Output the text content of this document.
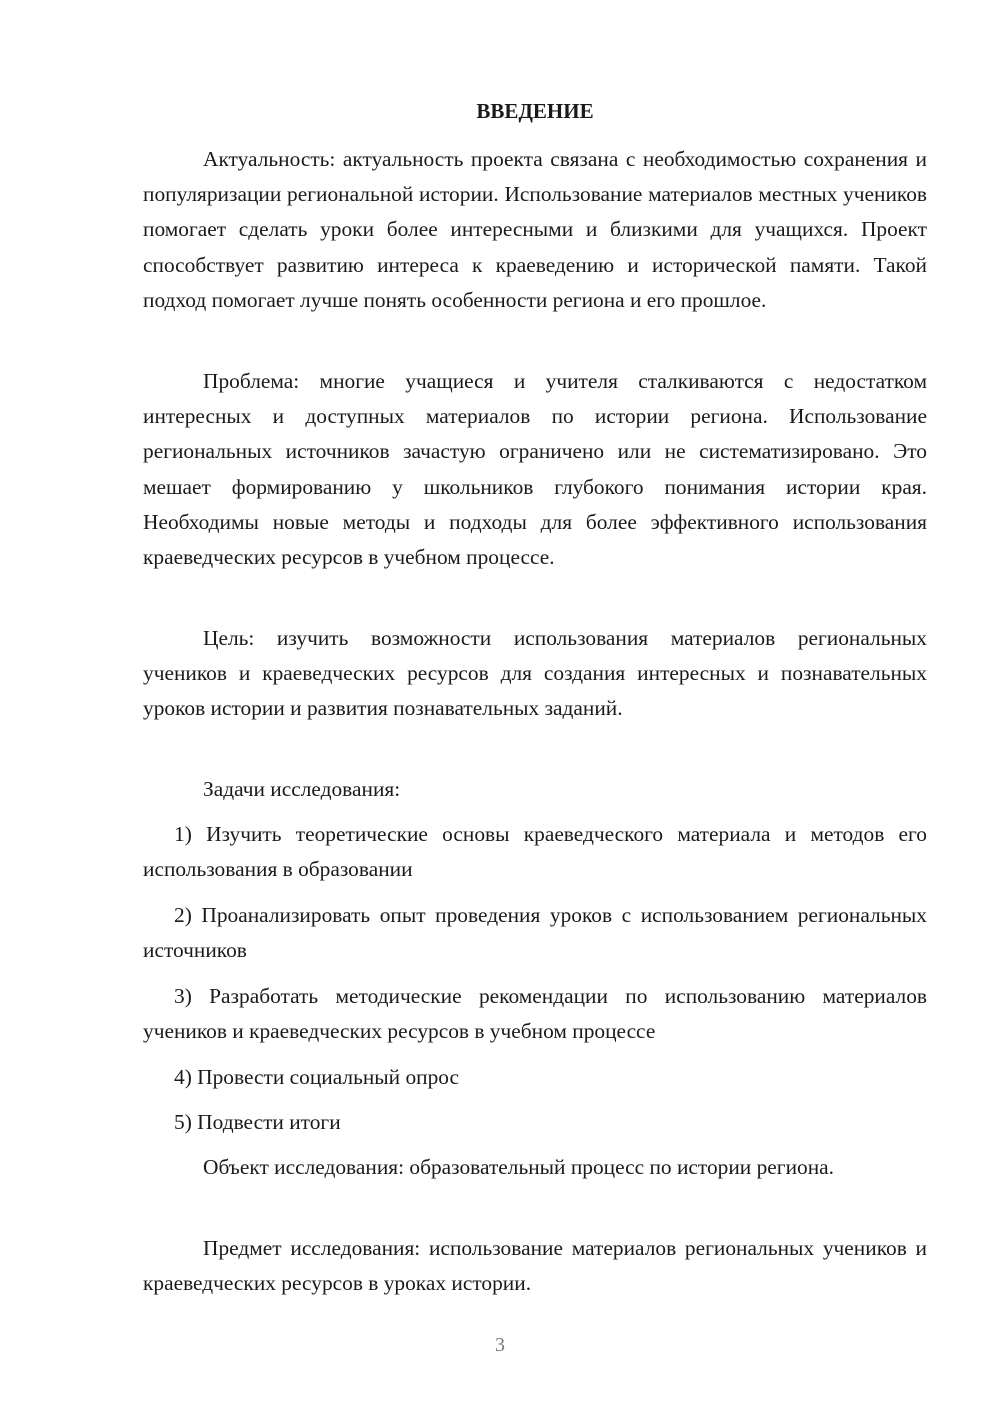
ВВЕДЕНИЕ

Актуальность: актуальность проекта связана с необходимостью сохранения и популяризации региональной истории. Использование материалов местных учеников помогает сделать уроки более интересными и близкими для учащихся. Проект способствует развитию интереса к краеведению и исторической памяти. Такой подход помогает лучше понять особенности региона и его прошлое.

Проблема: многие учащиеся и учителя сталкиваются с недостатком интересных и доступных материалов по истории региона. Использование региональных источников зачастую ограничено или не систематизировано. Это мешает формированию у школьников глубокого понимания истории края. Необходимы новые методы и подходы для более эффективного использования краеведческих ресурсов в учебном процессе.

Цель: изучить возможности использования материалов региональных учеников и краеведческих ресурсов для создания интересных и познавательных уроков истории и развития познавательных заданий.

Задачи исследования:

1) Изучить теоретические основы краеведческого материала и методов его использования в образовании

2) Проанализировать опыт проведения уроков с использованием региональных источников

3) Разработать методические рекомендации по использованию материалов учеников и краеведческих ресурсов в учебном процессе

4) Провести социальный опрос

5) Подвести итоги

Объект исследования: образовательный процесс по истории региона.

Предмет исследования: использование материалов региональных учеников и краеведческих ресурсов в уроках истории.

3
